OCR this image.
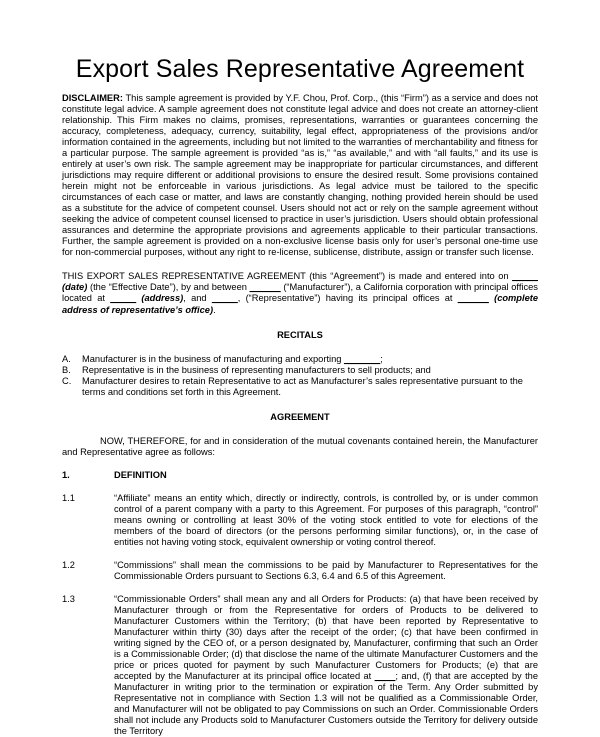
Export Sales Representative Agreement
DISCLAIMER: This sample agreement is provided by Y.F. Chou, Prof. Corp., (this “Firm”) as a service and does not constitute legal advice. A sample agreement does not constitute legal advice and does not create an attorney-client relationship. This Firm makes no claims, promises, representations, warranties or guarantees concerning the accuracy, completeness, adequacy, currency, suitability, legal effect, appropriateness of the provisions and/or information contained in the agreements, including but not limited to the warranties of merchantability and fitness for a particular purpose. The sample agreement is provided “as is,” “as available,” and with “all faults,” and its use is entirely at user’s own risk. The sample agreement may be inappropriate for particular circumstances, and different jurisdictions may require different or additional provisions to ensure the desired result. Some provisions contained herein might not be enforceable in various jurisdictions. As legal advice must be tailored to the specific circumstances of each case or matter, and laws are constantly changing, nothing provided herein should be used as a substitute for the advice of competent counsel. Users should not act or rely on the sample agreement without seeking the advice of competent counsel licensed to practice in user’s jurisdiction. Users should obtain professional assurances and determine the appropriate provisions and agreements applicable to their particular transactions. Further, the sample agreement is provided on a non-exclusive license basis only for user’s personal one-time use for non-commercial purposes, without any right to re-license, sublicense, distribute, assign or transfer such license.
THIS EXPORT SALES REPRESENTATIVE AGREEMENT (this “Agreement”) is made and entered into on _____ (date) (the “Effective Date”), by and between ______ (“Manufacturer”), a California corporation with principal offices located at _____ (address), and _____, (“Representative”) having its principal offices at ______ (complete address of representative’s office).

RECITALS

A.	Manufacturer is in the business of manufacturing and exporting _______;
B.	Representative is in the business of representing manufacturers to sell products; and
C.	Manufacturer desires to retain Representative to act as Manufacturer’s sales representative pursuant to the terms and conditions set forth in this Agreement.

AGREEMENT

NOW, THEREFORE, for and in consideration of the mutual covenants contained herein, the Manufacturer and Representative agree as follows:
1.	DEFINITION
1.1	“Affiliate” means an entity which, directly or indirectly, controls, is controlled by, or is under common control of a parent company with a party to this Agreement. For purposes of this paragraph, “control” means owning or controlling at least 30% of the voting stock entitled to vote for elections of the members of the board of directors (or the persons performing similar functions), or, in the case of entities not having voting stock, equivalent ownership or voting control thereof.
1.2	“Commissions” shall mean the commissions to be paid by Manufacturer to Representatives for the Commissionable Orders pursuant to Sections 6.3, 6.4 and 6.5 of this Agreement.
1.3	“Commissionable Orders” shall mean any and all Orders for Products: (a) that have been received by Manufacturer through or from the Representative for orders of Products to be delivered to Manufacturer Customers within the Territory; (b) that have been reported by Representative to Manufacturer within thirty (30) days after the receipt of the order; (c) that have been confirmed in writing signed by the CEO of, or a person designated by, Manufacturer, confirming that such an Order is a Commissionable Order; (d) that disclose the name of the ultimate Manufacturer Customers and the price or prices quoted for payment by such Manufacturer Customers for Products; (e) that are accepted by the Manufacturer at its principal office located at ____; and, (f) that are accepted by the Manufacturer in writing prior to the termination or expiration of the Term. Any Order submitted by Representative not in compliance with Section 1.3 will not be qualified as a Commissionable Order, and Manufacturer will not be obligated to pay Commissions on such an Order. Commissionable Orders shall not include any Products sold to Manufacturer Customers outside the Territory for delivery outside the Territory
